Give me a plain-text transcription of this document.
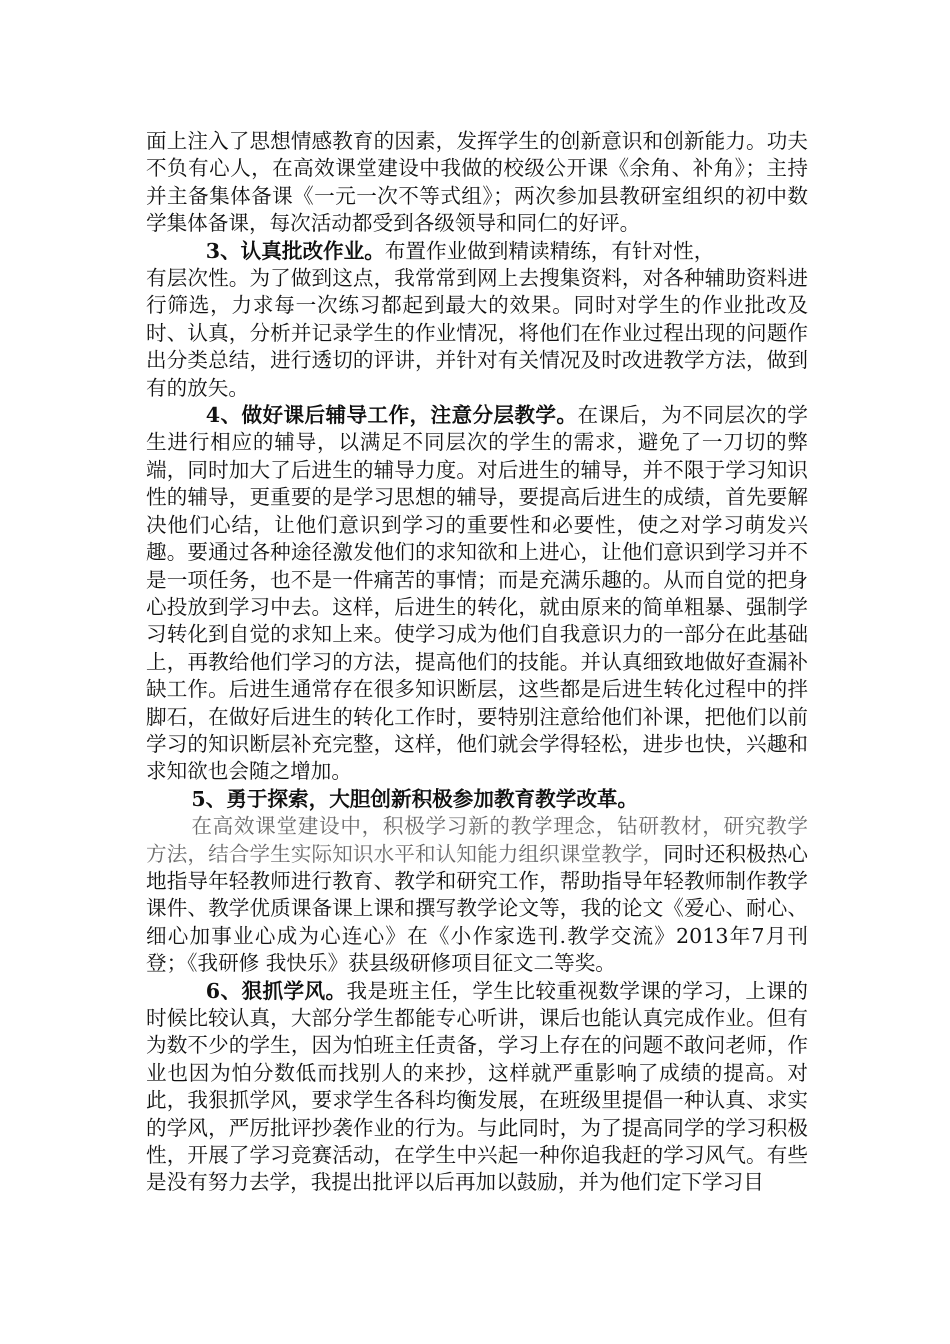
面上注入了思想情感教育的因素，发挥学生的创新意识和创新能力。功夫不负有心人，在高效课堂建设中我做的校级公开课《余角、补角》；主持并主备集体备课《一元一次不等式组》；两次参加县教研室组织的初中数学集体备课，每次活动都受到各级领导和同仁的好评。

3、认真批改作业。布置作业做到精读精练，有针对性，

有层次性。为了做到这点，我常常到网上去搜集资料，对各种辅助资料进行筛选，力求每一次练习都起到最大的效果。同时对学生的作业批改及时、认真，分析并记录学生的作业情况，将他们在作业过程出现的问题作出分类总结，进行透切的评讲，并针对有关情况及时改进教学方法，做到有的放矢。

4、做好课后辅导工作，注意分层教学。在课后，为不同层次的学生进行相应的辅导，以满足不同层次的学生的需求，避免了一刀切的弊端，同时加大了后进生的辅导力度。对后进生的辅导，并不限于学习知识性的辅导，更重要的是学习思想的辅导，要提高后进生的成绩，首先要解决他们心结，让他们意识到学习的重要性和必要性，使之对学习萌发兴趣。要通过各种途径激发他们的求知欲和上进心，让他们意识到学习并不是一项任务，也不是一件痛苦的事情；而是充满乐趣的。从而自觉的把身心投放到学习中去。这样，后进生的转化，就由原来的简单粗暴、强制学习转化到自觉的求知上来。使学习成为他们自我意识力的一部分在此基础上，再教给他们学习的方法，提高他们的技能。并认真细致地做好查漏补缺工作。后进生通常存在很多知识断层，这些都是后进生转化过程中的拌脚石，在做好后进生的转化工作时，要特别注意给他们补课，把他们以前学习的知识断层补充完整，这样，他们就会学得轻松，进步也快，兴趣和求知欲也会随之增加。

5、勇于探索，大胆创新积极参加教育教学改革。

在高效课堂建设中，积极学习新的教学理念，钻研教材，研究教学方法，结合学生实际知识水平和认知能力组织课堂教学，同时还积极热心地指导年轻教师进行教育、教学和研究工作，帮助指导年轻教师制作教学课件、教学优质课备课上课和撰写教学论文等，我的论文《爱心、耐心、细心加事业心成为心连心》在《小作家选刊.教学交流》2013年7月刊登；《我研修 我快乐》获县级研修项目征文二等奖。

6、狠抓学风。我是班主任，学生比较重视数学课的学习，上课的时候比较认真，大部分学生都能专心听讲，课后也能认真完成作业。但有为数不少的学生，因为怕班主任责备，学习上存在的问题不敢问老师，作业也因为怕分数低而找别人的来抄，这样就严重影响了成绩的提高。对此，我狠抓学风，要求学生各科均衡发展，在班级里提倡一种认真、求实的学风，严厉批评抄袭作业的行为。与此同时，为了提高同学的学习积极性，开展了学习竞赛活动，在学生中兴起一种你追我赶的学习风气。有些是没有努力去学，我提出批评以后再加以鼓励，并为他们定下学习目
